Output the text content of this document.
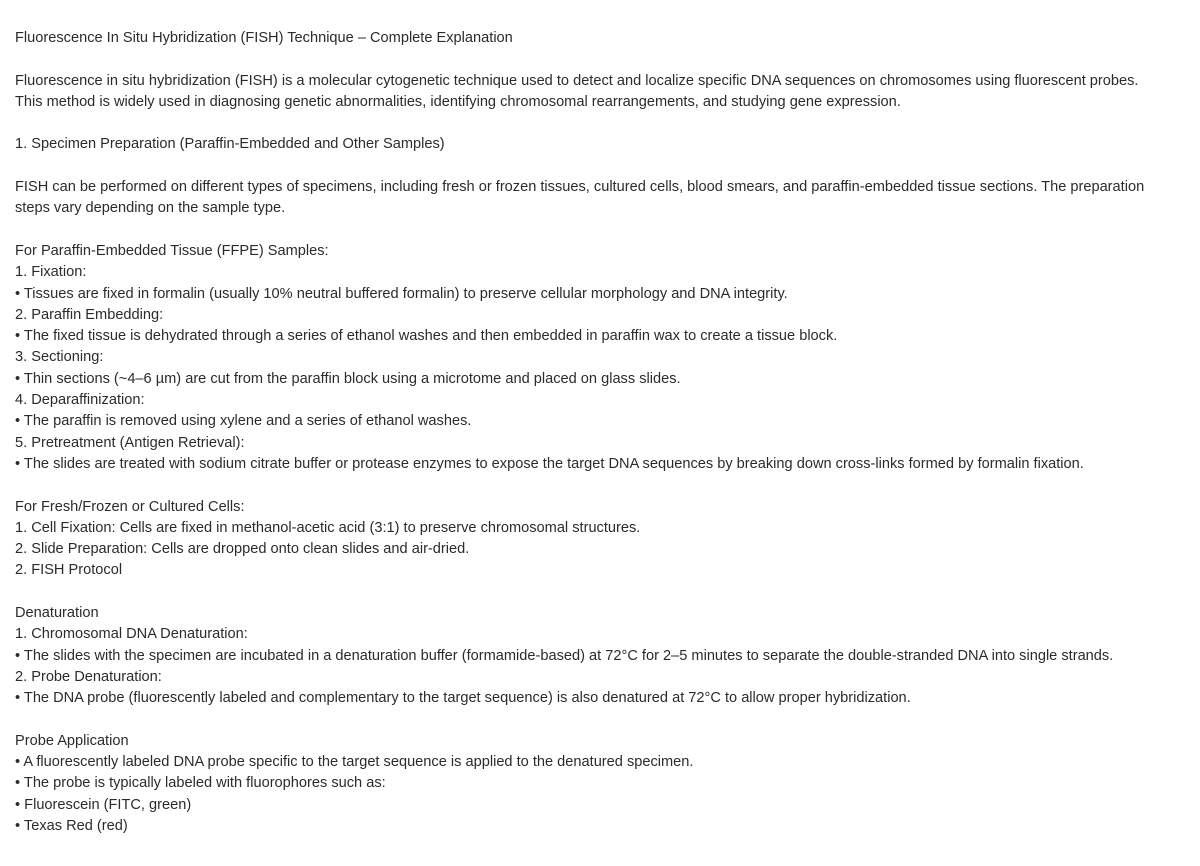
Fluorescence In Situ Hybridization (FISH) Technique – Complete Explanation

Fluorescence in situ hybridization (FISH) is a molecular cytogenetic technique used to detect and localize specific DNA sequences on chromosomes using fluorescent probes.

This method is widely used in diagnosing genetic abnormalities, identifying chromosomal rearrangements, and studying gene expression.

1. Specimen Preparation (Paraffin-Embedded and Other Samples)

FISH can be performed on different types of specimens, including fresh or frozen tissues, cultured cells, blood smears, and paraffin-embedded tissue sections. The preparation

steps vary depending on the sample type.

For Paraffin-Embedded Tissue (FFPE) Samples:

1. Fixation:

• Tissues are fixed in formalin (usually 10% neutral buffered formalin) to preserve cellular morphology and DNA integrity.

2. Paraffin Embedding:

• The fixed tissue is dehydrated through a series of ethanol washes and then embedded in paraffin wax to create a tissue block.

3. Sectioning:

• Thin sections (~4–6 µm) are cut from the paraffin block using a microtome and placed on glass slides.

4. Deparaffinization:

• The paraffin is removed using xylene and a series of ethanol washes.

5. Pretreatment (Antigen Retrieval):

• The slides are treated with sodium citrate buffer or protease enzymes to expose the target DNA sequences by breaking down cross-links formed by formalin fixation.

For Fresh/Frozen or Cultured Cells:

1. Cell Fixation: Cells are fixed in methanol-acetic acid (3:1) to preserve chromosomal structures.

2. Slide Preparation: Cells are dropped onto clean slides and air-dried.

2. FISH Protocol

Denaturation

1. Chromosomal DNA Denaturation:

• The slides with the specimen are incubated in a denaturation buffer (formamide-based) at 72°C for 2–5 minutes to separate the double-stranded DNA into single strands.

2. Probe Denaturation:

• The DNA probe (fluorescently labeled and complementary to the target sequence) is also denatured at 72°C to allow proper hybridization.

Probe Application

• A fluorescently labeled DNA probe specific to the target sequence is applied to the denatured specimen.

• The probe is typically labeled with fluorophores such as:

• Fluorescein (FITC, green)

• Texas Red (red)
